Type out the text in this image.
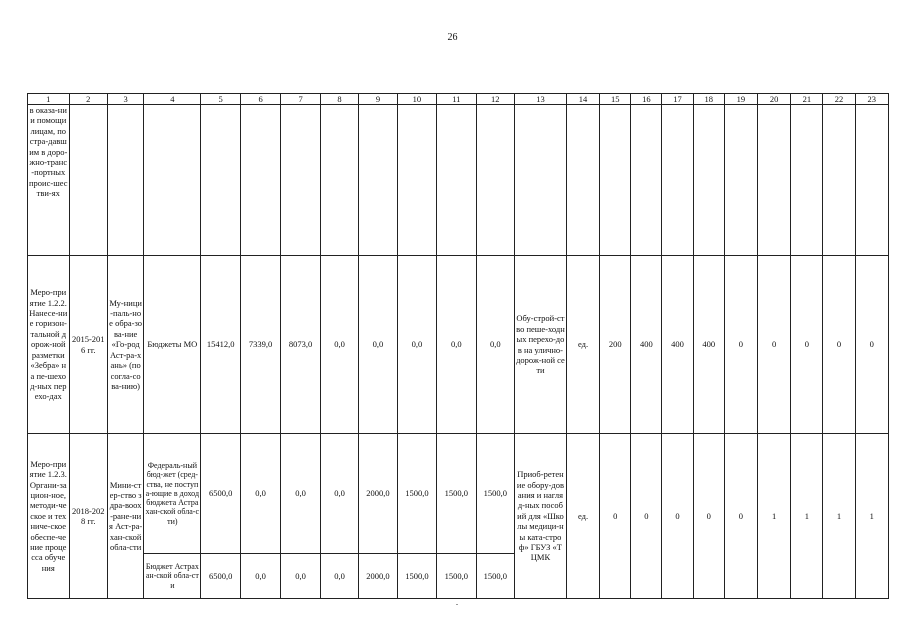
26
1	2	3	4	5	6	7	8	9	10	11	12	13	14	15	16	17	18	19	20	21	22	23
в оказа-нии помощи лицам, постра-давшим в доро-жно-транс-портных проис-шестви-ях																						
Меро-приятие 1.2.2. Нанесе-ние горизон-тальной дорож-ной разметки «Зебра» на пе-шеход-ных перехо-дах	2015-2016 гг.	Му-ници-паль-ное обра-зова-ние «Го-род Аст-ра-хань» (по согла-сова-нию)	Бюджеты МО	15412,0	7339,0	8073,0	0,0	0,0	0,0	0,0	0,0	Обу-строй-ство пеше-ходных перехо-дов на улично-дорож-ной сети	ед.	200	400	400	400	0	0	0	0	0
Меро-приятие 1.2.3. Органи-зацион-ное, методи-ческое и техниче-ское обеспе-чение процесса обучения	2018-2028 гг.	Мини-стер-ство здра-воох-ране-ния Аст-ра-хан-ской обла-сти	Федераль-ный бюд-жет (сред-ства, не поступа-ющие в доход бюджета Астрахан-ской обла-сти)	6500,0	0,0	0,0	0,0	2000,0	1500,0	1500,0	1500,0	Приоб-ретение обору-дования и нагляд-ных пособий для «Школы медици-ны ката-строф» ГБУЗ «ТЦМК	ед.	0	0	0	0	0	1	1	1	1
			Бюджет Астрахан-ской обла-сти	6500,0	0,0	0,0	0,0	2000,0	1500,0	1500,0	1500,0											
